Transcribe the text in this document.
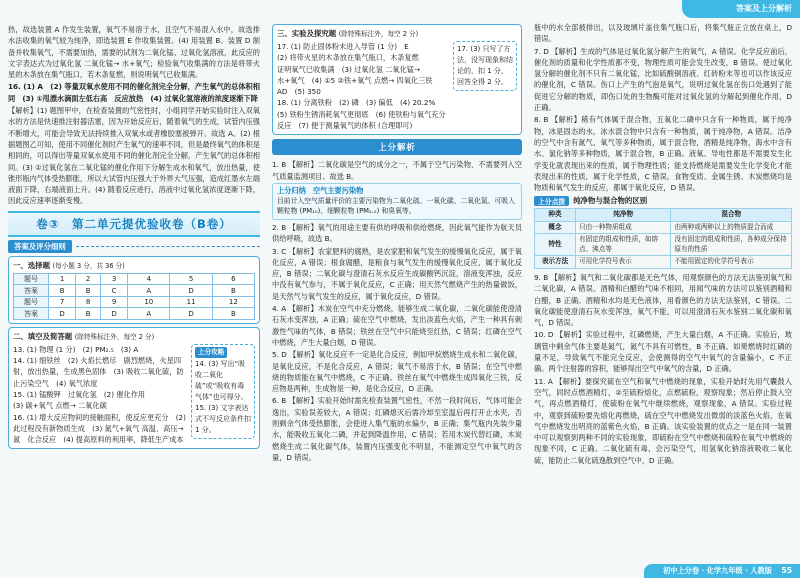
答案及上分解析

热，故选装置 A 作发生装置，氧气不易溶于水，且空气不易混入水中，故选排水法收集的氧气较为纯净，即选装置 E 作收集装置。(4) 用装置 B、装置 D 制备并收集氧气，不需要加热，需要的试剂为二氧化锰、过氧化氢溶液，此反应的文字表达式为过氧化氢 二氧化锰→ 水+氧气；检验氧气收集满的方法是将带火星的木条放在集气瓶口，若木条复燃，则说明氧气已收集满。

16. (1) A　(2) 等量双氧水使用不同的催化剂完全分解，产生氧气的总体积相同　(3) ①甩漂水滴面左低右高　反应放热　(4) 过氧化氢溶液的浓度逐渐下降

【解析】(1) 题图甲中，在检查装置的气密性时，小组同学开始实验时注入双氧水的方法是快速推注射器活塞，因为开始反应后，随着氧气的生成，试管内压强不断增大，可能会导致无法持续推入双氧水或者橡胶塞被弹开。故选 A。(2) 根据题图乙可知，使用不同催化剂时产生氧气的速率不同，但是最终氧气的体积是相同的，可以得出等量双氧水使用不同的催化剂完全分解，产生氧气的总体积相同。(3) ①过氧化氢在二氧化锰的催化作用下分解生成水和氧气，放出热量，使锥形瓶内气体受热膨胀，所以大试管内压强大于外界大气压强，造成红墨水左端液面下降，右端液面上升。(4) 随着反应进行，溶液中过氧化氢浓度逐渐下降，因此反应速率逐渐变慢。

卷③　第二单元提优验收卷（B卷）
答案及评分细则

一、选择题 (每小题 3 分，共 36 分)

题号	1	2	3	4	5	6
答案	B	B	C	A	D	B
题号	7	8	9	10	11	12
答案	D	B	D	A	D	B

二、填空及简答题 (除特殊标注外，每空 2 分)

13. (1) 物理 (1 分)　(2) PM₂.₅　(3) A

14. (1) 细铁丝　(2) 火焰长燃尽　剧烈燃烧，火星四射，放出热量，生成黑色固体　(3) 吸收二氧化硫，防止污染空气　(4) 氧气浓度

15. (1) 锰酸钾　过氧化氢　(2) 催化作用

(3) 碳+氧气 点燃→ 二氧化碳

16. (1) 增大反应物间的接触面积，使反应更充分　(2) 此过程没有新物质生成　(3) 氮气+氧气 高温、高压→ 氮　化合反应　(4) 提高原料的利用率，降低生产成本

上分攻略
14. (3) 写出“吸收二氧化硫”或“吸收有毒气体”也可得分。15. (3) 文字表达式不写反应条件扣 1 分。

三、实验及探究题 (除特殊标注外，每空 2 分)

17. (1) 防止固体粉末进入导管 (1 分)　E

(2) 将带火星的木条放在集气瓶口，木条复燃

证明氧气已收集满　(3) 过氧化氢 二氧化锰→

水+氧气　(4) ①5 ②铁+氧气 点燃→ 四氧化三铁　AD　(5) 350

18. (1) 分离铁粉　(2) 磷　(3) 偏低　(4) 20.2%　(5) 铁粉生锈消耗氧气更彻底　(6) 使铁粉与氧气充分反应　(7) 便于测量氧气的体积 (合理即可)

17. (3) 只写了方法，没写现象和结论的，扣 1 分，回答全得 2 分。
上分解析

1. B 【解析】二氧化碳是空气的成分之一，不属于空气污染物，不需要列入空气质量监测项目。故选 B。

上分归纳　空气主要污染物

目前计入空气质量评价的主要污染物为二氧化硫、一氧化碳、二氧化氮、可吸入颗粒物 (PM₁₀)、细颗粒物 (PM₂.₅) 和臭氧等。

2. B 【解析】氧气的用途主要有供给呼吸和供给燃烧，因此氧气能作为航天员供给呼吸，故选 B。

3. C 【解析】农家肥料的腐熟，是农家肥和氧气发生的缓慢氧化反应，属于氧化反应，A 错误；根食腐醋，是粮食与氧气发生的缓慢氧化反应，属于氧化反应，B 错误；二氧化碳与澄清石灰水反应生成碳酸钙沉淀，溶液变浑浊，反应中没有氧气参与，不属于氧化反应，C 正确；用天然气燃烧产生的热量做饭，是天然气与氧气发生的反应，属于氧化反应，D 错误。

4. A 【解析】木炭在空气中充分燃烧，能够生成二氧化碳，二氧化碳能使澄清石灰水变浑浊，A 正确；硫在空气中燃烧，发出淡蓝色火焰，产生一种具有刺激性气味的气体，B 错误；铁丝在空气中只能烧至红热，C 错误；红磷在空气中燃烧，产生大量白烟，D 错误。

5. D 【解析】氧化反应不一定是化合反应，例如甲烷燃烧生成水和二氧化碳，是氧化反应，不是化合反应，A 错误；氧气不易溶于水，B 错误；在空气中燃烧的物质能在氧气中燃烧，C 不正确。铁丝在氧气中燃烧生成四氧化三铁，反应物是两种，生成物是一种，是化合反应，D 正确。

6. B 【解析】实验开始时需先检查装置气密性，不然一段时间后，气体可能会逸出，实验误差较大，A 错误；红磷熄灭后需冷却至室温后再打开止水夹，否则剩余气体受热膨胀，会使进入集气瓶的水偏少，B 正确；集气瓶内先装少量水，能吸收五氧化二磷，并起到降温作用，C 错误；若用木炭代替红磷，木炭燃烧生成二氧化碳气体，装置内压强变化不明显，不能测定空气中氧气的含量，D 错误。

瓶中的水全部被排出，以及玻璃片盖住集气瓶口后，将集气瓶正立放在桌上，D 错误。

7. D 【解析】生成的气体是过氧化氢分解产生的氧气，A 错误。化学反应前后，催化剂的质量和化学性质都不变，物理性质可能会发生改变，B 错误。使过氧化氢分解的催化剂不只有二氧化锰，比如硫酸铜溶液、红砖粉末等也可以作该反应的催化剂，C 错误。伤口上产生的气泡是氧气，说明过氧化氢在伤口处遇到了能促进它分解的物质，即伤口处的生物酶可能对过氧化氢的分解起到催化作用，D 正确。

8. B 【解析】稀有气体属于混合物，五氧化二磷中只含有一种物质，属于纯净物，冰是固态的水，冰水混合物中只含有一种物质，属于纯净物，A 错误。洁净的空气中含有氮气、氧气等多种物质，属于混合物，酒精是纯净物，海水中含有水、氯化钠等多种物质，属于混合物，B 正确。液氧、导电性都是不需要发生化学变化就表现出来的性质，属于物理性质；能支持燃烧是需要发生化学变化才能表现出来的性质，属于化学性质，C 错误。食物变质、金属生锈、木炭燃烧均是物质和氧气发生的反应，都属于氧化反应，D 错误。

上分点拨	纯净物与混合物的区别
种类	纯净物	混合物
概念	只由一种物质组成	由两种或两种以上的物质混合而成
特性	有固定的组成和性质，如熔点、沸点等	没有固定的组成和性质，各种成分保持原有的性质
表示方法	可用化学符号表示	不能用固定的化学符号表示

9. B 【解析】氧气和二氧化碳都是无色气体，用观察颜色的方法无法鉴别氧气和二氧化碳，A 错误。酒精和白醋的气味不相同，用闻气味的方法可以鉴别酒精和白醋，B 正确。酒精和水均是无色液体，用看颜色的方法无法鉴别，C 错误。二氧化碳能使澄清石灰水变浑浊，氧气不能，可以用澄清石灰水鉴别二氧化碳和氧气，D 错误。

10. D 【解析】实验过程中，红磷燃烧，产生大量白烟，A 不正确。实验后，玻璃管中剩余气体主要是氮气，氮气不具有可燃性，B 不正确。如果燃烧时红磷的量不足，导致氧气不能完全反应，会使测得的空气中氧气的含量偏小，C 不正确。两个注射器的容积，能够得出空气中氧气的含量，D 正确。

11. A 【解析】要探究硫在空气和氧气中燃烧的现象，实验开始时先用气囊鼓入空气，同时点燃酒精灯，②至硫粉熔化，点燃硫粉，观察现象；然后停止鼓入空气，再点燃酒精灯，使硫粉在氧气中继续燃烧，观察现象，A 错误。实验过程中，观察到硫粉要先熔化再燃烧，硫在空气中燃烧发出微弱的淡蓝色火焰，在氧气中燃烧发出明亮的蓝紫色火焰，B 正确。该实验装置的优点之一是在同一装置中可以观察到两种不同的实验现象，即硫粉在空气中燃烧和硫粉在氧气中燃烧的现象不同，C 正确。二氧化硫有毒，会污染空气，用氢氧化钠溶液吸收二氧化硫，能防止二氧化硫逸散到空气中，D 正确。

初中上分卷 · 化学九年级 · 人教版 55
